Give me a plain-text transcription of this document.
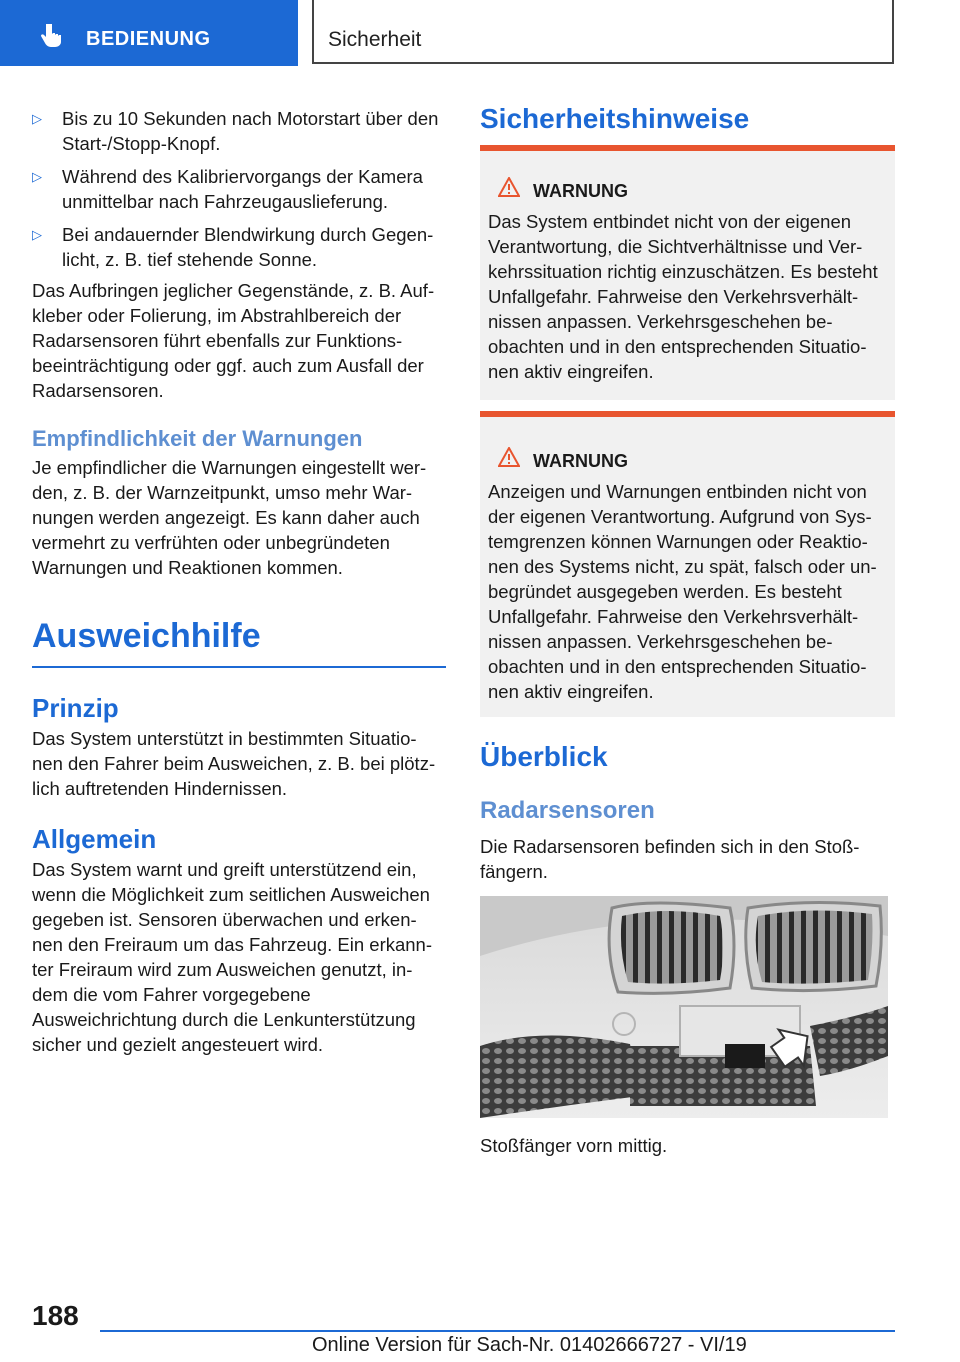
BEDIENUNG	Sicherheit
▷ Bis zu 10 Sekunden nach Motorstart über den Start-/Stopp-Knopf.

▷ Während des Kalibriervorgangs der Kamera unmittelbar nach Fahrzeugauslieferung.

▷ Bei andauernder Blendwirkung durch Gegen-licht, z. B. tief stehende Sonne.

Das Aufbringen jeglicher Gegenstände, z. B. Auf-kleber oder Folierung, im Abstrahlbereich der Radarsensoren führt ebenfalls zur Funktions-beeinträchtigung oder ggf. auch zum Ausfall der Radarsensoren.

Empfindlichkeit der Warnungen

Je empfindlicher die Warnungen eingestellt wer-den, z. B. der Warnzeitpunkt, umso mehr War-nungen werden angezeigt. Es kann daher auch vermehrt zu verfrühten oder unbegründeten Warnungen und Reaktionen kommen.

Ausweichhilfe
Prinzip

Das System unterstützt in bestimmten Situatio-nen den Fahrer beim Ausweichen, z. B. bei plötz-lich auftretenden Hindernissen.

Allgemein

Das System warnt und greift unterstützend ein, wenn die Möglichkeit zum seitlichen Ausweichen gegeben ist. Sensoren überwachen und erken-nen den Freiraum um das Fahrzeug. Ein erkann-ter Freiraum wird zum Ausweichen genutzt, in-dem die vom Fahrer vorgegebene Ausweichrichtung durch die Lenkunterstützung sicher und gezielt angesteuert wird.

Sicherheitshinweise
WARNUNG

Das System entbindet nicht von der eigenen Verantwortung, die Sichtverhältnisse und Ver-kehrssituation richtig einzuschätzen. Es besteht Unfallgefahr. Fahrweise den Verkehrsverhält-nissen anpassen. Verkehrsgeschehen be-obachten und in den entsprechenden Situatio-nen aktiv eingreifen.

WARNUNG

Anzeigen und Warnungen entbinden nicht von der eigenen Verantwortung. Aufgrund von Sys-temgrenzen können Warnungen oder Reaktio-nen des Systems nicht, zu spät, falsch oder un-begründet ausgegeben werden. Es besteht Unfallgefahr. Fahrweise den Verkehrsverhält-nissen anpassen. Verkehrsgeschehen be-obachten und in den entsprechenden Situatio-nen aktiv eingreifen.

Überblick
Radarsensoren

Die Radarsensoren befinden sich in den Stoß-fängern.

Stoßfänger vorn mittig.

188
Online Version für Sach-Nr. 01402666727 - VI/19
